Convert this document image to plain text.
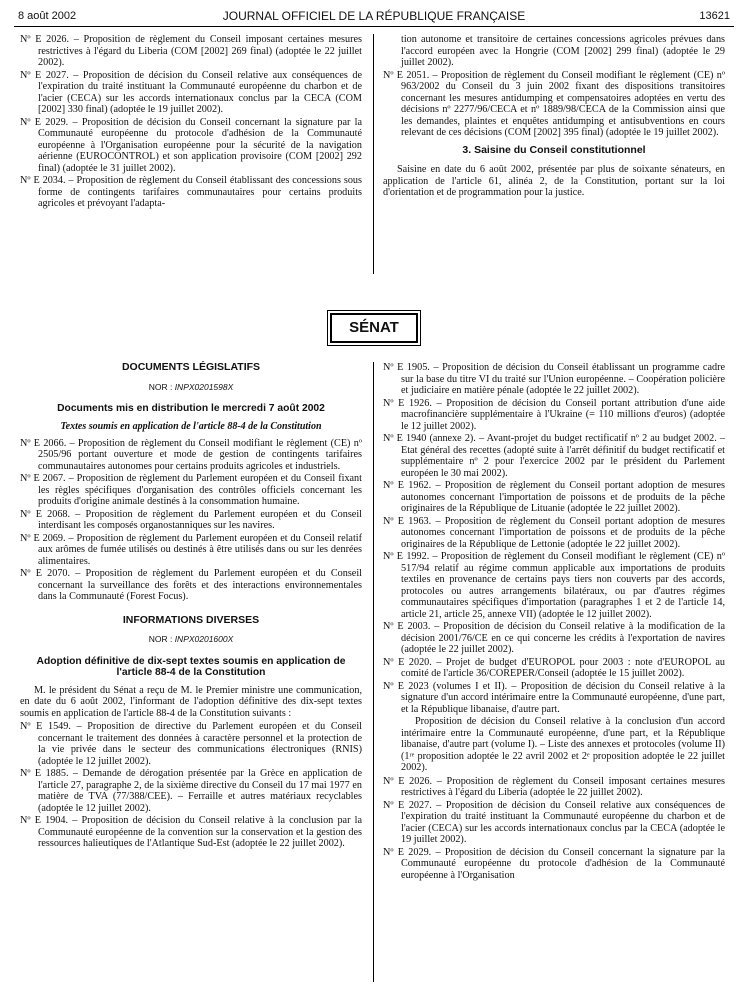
8 août 2002	JOURNAL OFFICIEL DE LA RÉPUBLIQUE FRANÇAISE	13621

Nº E 2026. – Proposition de règlement du Conseil imposant certaines mesures restrictives à l'égard du Liberia (COM [2002] 269 final) (adoptée le 22 juillet 2002).

Nº E 2027. – Proposition de décision du Conseil relative aux conséquences de l'expiration du traité instituant la Communauté européenne du charbon et de l'acier (CECA) sur les accords internationaux conclus par la CECA (COM [2002] 330 final) (adoptée le 19 juillet 2002).

Nº E 2029. – Proposition de décision du Conseil concernant la signature par la Communauté européenne du protocole d'adhésion de la Communauté européenne à l'Organisation européenne pour la sécurité de la navigation aérienne (EUROCONTROL) et son application provisoire (COM [2002] 292 final) (adoptée le 31 juillet 2002).

Nº E 2034. – Proposition de règlement du Conseil établissant des concessions sous forme de contingents tarifaires communautaires pour certains produits agricoles et prévoyant l'adapta-

tion autonome et transitoire de certaines concessions agricoles prévues dans l'accord européen avec la Hongrie (COM [2002] 299 final) (adoptée le 29 juillet 2002).

Nº E 2051. – Proposition de règlement du Conseil modifiant le règlement (CE) nº 963/2002 du Conseil du 3 juin 2002 fixant des dispositions transitoires concernant les mesures antidumping et compensatoires adoptées en vertu des décisions nº 2277/96/CECA et nº 1889/98/CECA de la Commission ainsi que les demandes, plaintes et enquêtes antidumping et antisubventions en cours relevant de ces décisions (COM [2002] 395 final) (adoptée le 19 juillet 2002).

3. Saisine du Conseil constitutionnel

Saisine en date du 6 août 2002, présentée par plus de soixante sénateurs, en application de l'article 61, alinéa 2, de la Constitution, portant sur la loi d'orientation et de programmation pour la justice.

SÉNAT
DOCUMENTS LÉGISLATIFS
NOR : INPX0201598X
Documents mis en distribution le mercredi 7 août 2002
Textes soumis en application de l'article 88-4 de la Constitution

Nº E 2066. – Proposition de règlement du Conseil modifiant le règlement (CE) nº 2505/96 portant ouverture et mode de gestion de contingents tarifaires communautaires autonomes pour certains produits agricoles et industriels.

Nº E 2067. – Proposition de règlement du Parlement européen et du Conseil fixant les règles spécifiques d'organisation des contrôles officiels concernant les produits d'origine animale destinés à la consommation humaine.

Nº E 2068. – Proposition de règlement du Parlement européen et du Conseil interdisant les composés organostanniques sur les navires.

Nº E 2069. – Proposition de règlement du Parlement européen et du Conseil relatif aux arômes de fumée utilisés ou destinés à être utilisés dans ou sur les denrées alimentaires.

Nº E 2070. – Proposition de règlement du Parlement européen et du Conseil concernant la surveillance des forêts et des interactions environnementales dans la Communauté (Forest Focus).

INFORMATIONS DIVERSES
NOR : INPX0201600X
Adoption définitive de dix-sept textes soumis en application de l'article 88-4 de la Constitution

M. le président du Sénat a reçu de M. le Premier ministre une communication, en date du 6 août 2002, l'informant de l'adoption définitive des dix-sept textes soumis en application de l'article 88-4 de la Constitution suivants :

Nº E 1549. – Proposition de directive du Parlement européen et du Conseil concernant le traitement des données à caractère personnel et la protection de la vie privée dans le secteur des communications électroniques (RNIS) (adoptée le 12 juillet 2002).

Nº E 1885. – Demande de dérogation présentée par la Grèce en application de l'article 27, paragraphe 2, de la sixième directive du Conseil du 17 mai 1977 en matière de TVA (77/388/CEE). – Ferraille et autres matériaux recyclables (adoptée le 12 juillet 2002).

Nº E 1904. – Proposition de décision du Conseil relative à la conclusion par la Communauté européenne de la convention sur la conservation et la gestion des ressources halieutiques de l'Atlantique Sud-Est (adoptée le 22 juillet 2002).

Nº E 1905. – Proposition de décision du Conseil établissant un programme cadre sur la base du titre VI du traité sur l'Union européenne. – Coopération policière et judiciaire en matière pénale (adoptée le 22 juillet 2002).

Nº E 1926. – Proposition de décision du Conseil portant attribution d'une aide macrofinancière supplémentaire à l'Ukraine (= 110 millions d'euros) (adoptée le 12 juillet 2002).

Nº E 1940 (annexe 2). – Avant-projet du budget rectificatif nº 2 au budget 2002. – Etat général des recettes (adopté suite à l'arrêt définitif du budget rectificatif et supplémentaire nº 2 pour l'exercice 2002 par le président du Parlement européen le 30 mai 2002).

Nº E 1962. – Proposition de règlement du Conseil portant adoption de mesures autonomes concernant l'importation de poissons et de produits de la pêche originaires de la République de Lituanie (adoptée le 22 juillet 2002).

Nº E 1963. – Proposition de règlement du Conseil portant adoption de mesures autonomes concernant l'importation de poissons et de produits de la pêche originaires de la République de Lettonie (adoptée le 22 juillet 2002).

Nº E 1992. – Proposition de règlement du Conseil modifiant le règlement (CE) nº 517/94 relatif au régime commun applicable aux importations de produits textiles en provenance de certains pays tiers non couverts par des accords, protocoles ou autres arrangements bilatéraux, ou par d'autres régimes communautaires spécifiques d'importation (paragraphes 1 et 2 de l'article 14, article 21, article 25, annexe VII) (adoptée le 12 juillet 2002).

Nº E 2003. – Proposition de décision du Conseil relative à la modification de la décision 2001/76/CE en ce qui concerne les crédits à l'exportation de navires (adoptée le 22 juillet 2002).

Nº E 2020. – Projet de budget d'EUROPOL pour 2003 : note d'EUROPOL au comité de l'article 36/COREPER/Conseil (adoptée le 15 juillet 2002).

Nº E 2023 (volumes I et II). – Proposition de décision du Conseil relative à la signature d'un accord intérimaire entre la Communauté européenne, d'une part, et la République libanaise, d'autre part.

Proposition de décision du Conseil relative à la conclusion d'un accord intérimaire entre la Communauté européenne, d'une part, et la République libanaise, d'autre part (volume I). – Liste des annexes et protocoles (volume II) (1ʳᵉ proposition adoptée le 22 avril 2002 et 2ᵉ proposition adoptée le 22 juillet 2002).

Nº E 2026. – Proposition de règlement du Conseil imposant certaines mesures restrictives à l'égard du Liberia (adoptée le 22 juillet 2002).

Nº E 2027. – Proposition de décision du Conseil relative aux conséquences de l'expiration du traité instituant la Communauté européenne du charbon et de l'acier (CECA) sur les accords internationaux conclus par la CECA (adoptée le 19 juillet 2002).

Nº E 2029. – Proposition de décision du Conseil concernant la signature par la Communauté européenne du protocole d'adhésion de la Communauté européenne à l'Organisation
